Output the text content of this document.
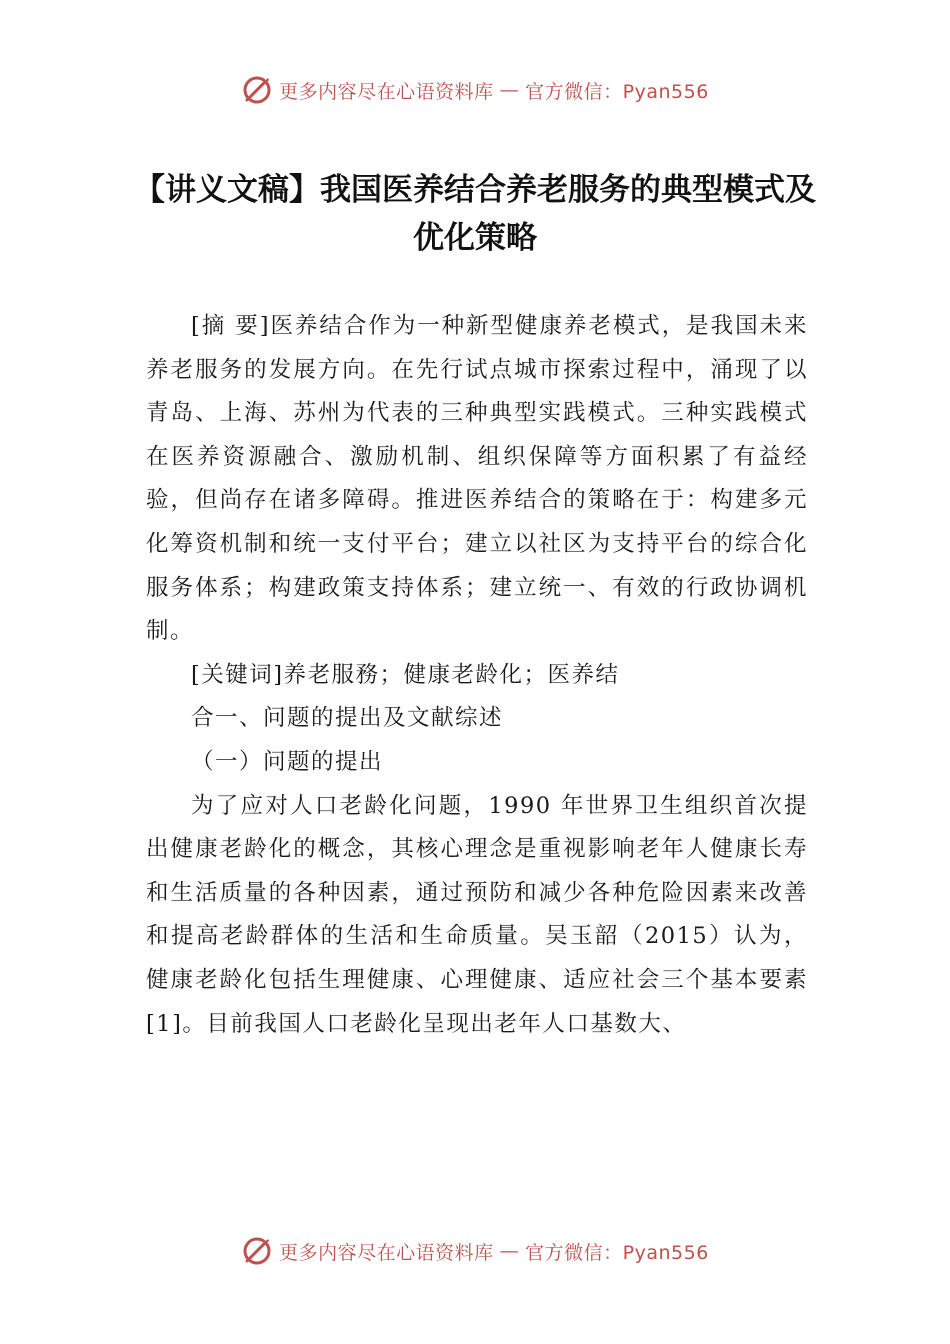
更多内容尽在心语资料库 — 官方微信：Pyan556
【讲义文稿】我国医养结合养老服务的典型模式及优化策略

[摘 要]医养结合作为一种新型健康养老模式，是我国未来养老服务的发展方向。在先行试点城市探索过程中，涌现了以青岛、上海、苏州为代表的三种典型实践模式。三种实践模式在医养资源融合、激励机制、组织保障等方面积累了有益经验，但尚存在诸多障碍。推进医养结合的策略在于：构建多元化筹资机制和统一支付平台；建立以社区为支持平台的综合化服务体系；构建政策支持体系；建立统一、有效的行政协调机制。

[关键词]养老服務；健康老龄化；医养结

合一、问题的提出及文献综述

（一）问题的提出

为了应对人口老龄化问题，1990 年世界卫生组织首次提出健康老龄化的概念，其核心理念是重视影响老年人健康长寿和生活质量的各种因素，通过预防和减少各种危险因素来改善和提高老龄群体的生活和生命质量。吴玉韶（2015）认为，健康老龄化包括生理健康、心理健康、适应社会三个基本要素[1]。目前我国人口老龄化呈现出老年人口基数大、

更多内容尽在心语资料库 — 官方微信：Pyan556
